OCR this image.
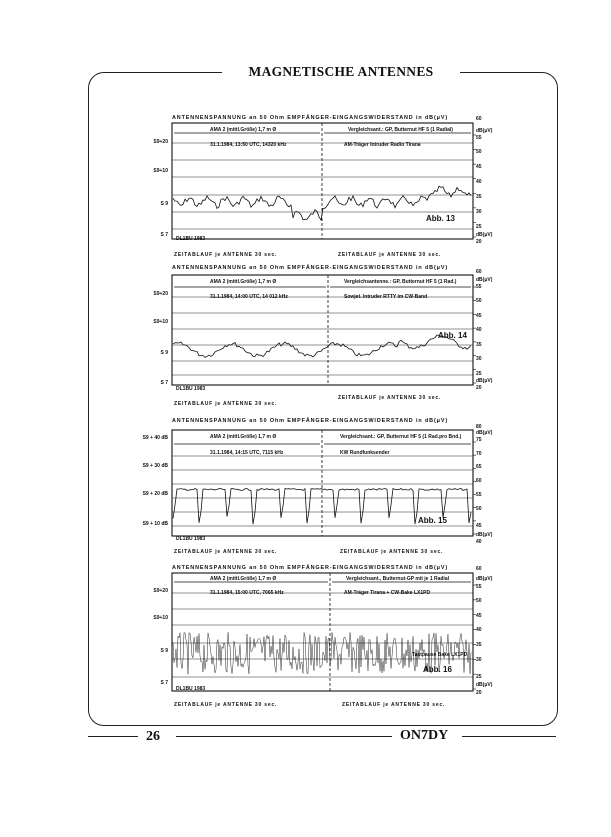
MAGNETISCHE ANTENNES
ANTENNENSPANNUNG an 50 Ohm EMPFÄNGER-EINGANGSWIDERSTAND in dB(μV)	60
AMA 2 (mittl.Größe) 1,7 m Ø	Vergleichsant.: GP, Butternut HF 5 (1 Radial)
31.1.1984, 13:50 UTC, 14320 kHz	AM-Träger Intruder Radio Tirana
S9+20
S9+10
S 9
S 7
55
50
45
40
35
30
25
20
dB(μV)
dB(μV)
DL1BU 1983
Abb. 13
ZEITABLAUF je ANTENNE 30 sec.	ZEITABLAUF je ANTENNE 30 sec.
ANTENNENSPANNUNG an 50 Ohm EMPFÄNGER-EINGANGSWIDERSTAND in dB(μV)
60
AMA 2 (mittl.Größe) 1,7 m Ø	Vergleichsantenne.: GP, Butternut HF 5 (1 Rad.)
31.1.1984, 14:00 UTC, 14 012 kHz	Sowjet. Intruder RTTY im CW-Band
S9+20
S9+10
S 9
S 7
55
50
45
40
35
30
25
20
dB(μV)
dB(μV)
DL1BU 1983
Abb. 14
ZEITABLAUF je ANTENNE 30 sec.
ZEITABLAUF je ANTENNE 30 sec.
ANTENNENSPANNUNG an 50 Ohm EMPFÄNGER-EINGANGSWIDERSTAND in dB(μV)
80
AMA 2 (mittl.Größe) 1,7 m Ø	Vergleichsant.: GP, Butternut HF 5 (1 Rad.pro Bnd.)
31.1.1984, 14:15 UTC, 7115 kHz	KW Rundfunksender
S9 + 40 dB
S9 + 30 dB
S9 + 20 dB
S9 + 10 dB
75
70
65
60
55
50
45
40
dB(μV)
dB(μV)
DL1BU 1983
Abb. 15
ZEITABLAUF je ANTENNE 30 sec.	ZEITABLAUF je ANTENNE 30 sec.
ANTENNENSPANNUNG an 50 Ohm EMPFÄNGER-EINGANGSWIDERSTAND in dB(μV)	60
AMA 2 (mittl.Größe) 1,7 m Ø	Vergleichsant., Butternut-GP mit je 1 Radial
31.1.1984, 15:00 UTC, 7065 kHz	AM-Träger Tirana + CW-Bake LX1PD
S9+20
S9+10
S 9
S 7
55
50
45
40
35
30
25
20
dB(μV)
dB(μV)
DL1BU 1983
Tastpause Bake LX1PD
Abb. 16
ZEITABLAUF je ANTENNE 30 sec.	ZEITABLAUF je ANTENNE 30 sec.
26	ON7DY
